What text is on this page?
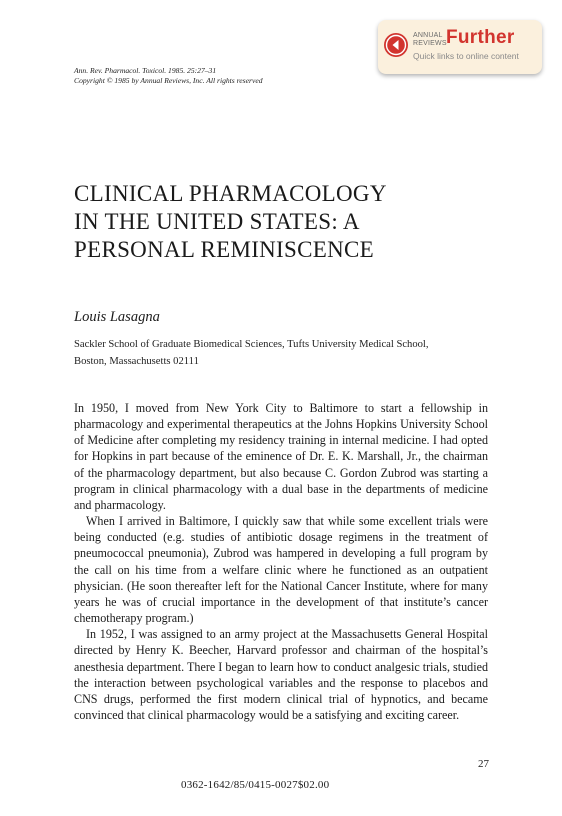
ANNUAL
REVIEWS Further
Quick links to online content
Ann. Rev. Pharmacol. Toxicol. 1985. 25:27–31
Copyright © 1985 by Annual Reviews, Inc. All rights reserved
CLINICAL PHARMACOLOGY
IN THE UNITED STATES: A
PERSONAL REMINISCENCE
Louis Lasagna
Sackler School of Graduate Biomedical Sciences, Tufts University Medical School,
Boston, Massachusetts 02111

In 1950, I moved from New York City to Baltimore to start a fellowship in pharmacology and experimental therapeutics at the Johns Hopkins University School of Medicine after completing my residency training in internal medicine. I had opted for Hopkins in part because of the eminence of Dr. E. K. Marshall, Jr., the chairman of the pharmacology department, but also because C. Gordon Zubrod was starting a program in clinical pharmacology with a dual base in the departments of medicine and pharmacology.

When I arrived in Baltimore, I quickly saw that while some excellent trials were being conducted (e.g. studies of antibiotic dosage regimens in the treatment of pneumococcal pneumonia), Zubrod was hampered in developing a full program by the call on his time from a welfare clinic where he functioned as an outpatient physician. (He soon thereafter left for the National Cancer Institute, where for many years he was of crucial importance in the development of that institute’s cancer chemotherapy program.)

In 1952, I was assigned to an army project at the Massachusetts General Hospital directed by Henry K. Beecher, Harvard professor and chairman of the hospital’s anesthesia department. There I began to learn how to conduct analgesic trials, studied the interaction between psychological variables and the response to placebos and CNS drugs, performed the first modern clinical trial of hypnotics, and became convinced that clinical pharmacology would be a satisfying and exciting career.

27
0362-1642/85/0415-0027$02.00
